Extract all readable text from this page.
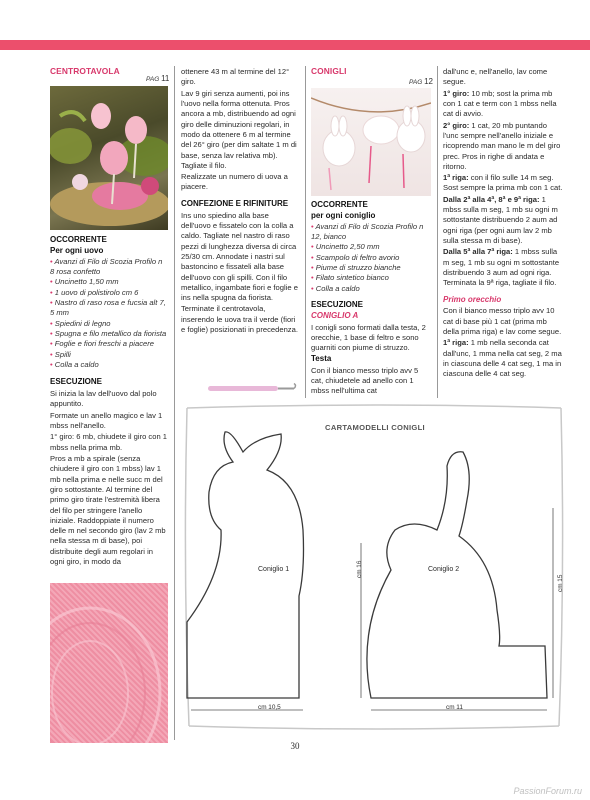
CENTROTAVOLA
PAG 11
OCCORRENTE
Per ogni uovo
• Avanzi di Filo di Scozia Profilo n 8 rosa confetto
• Uncinetto 1,50 mm
• 1 uovo di polistirolo cm 6
• Nastro di raso rosa e fucsia alt 7, 5 mm
• Spiedini di legno
• Spugna e filo metallico da fiorista
• Foglie e fiori freschi a piacere
• Spilli
• Colla a caldo
ESECUZIONE
Si inizia la lav dell'uovo dal polo appuntito.
Formate un anello magico e lav 1 mbss nell'anello.
1° giro: 6 mb, chiudete il giro con 1 mbss nella prima mb.
Pros a mb a spirale (senza chiudere il giro con 1 mbss) lav 1 mb nella prima e nelle succ m del giro sottostante. Al termine del primo giro tirate l'estremità libera del filo per stringere l'anello iniziale. Raddoppiate il numero delle m nel secondo giro (lav 2 mb nella stessa m di base), poi distribuite degli aum regolari in ogni giro, in modo da
ottenere 43 m al termine del 12° giro.
Lav 9 giri senza aumenti, poi ins l'uovo nella forma ottenuta. Pros ancora a mb, distribuendo ad ogni giro delle diminuzioni regolari, in modo da ottenere 6 m al termine del 26° giro (per dim saltate 1 m di base, senza lav relativa mb). Tagliate il filo.
Realizzate un numero di uova a piacere.
CONFEZIONE E RIFINITURE
Ins uno spiedino alla base dell'uovo e fissatelo con la colla a caldo. Tagliate nel nastro di raso pezzi di lunghezza diversa di circa 25/30 cm. Annodate i nastri sul bastoncino e fissateli alla base dell'uovo con gli spilli. Con il filo metallico, ingambate fiori e foglie e ins nella spugna da fiorista.
Terminate il centrotavola, inserendo le uova tra il verde (fiori e foglie) posizionati in precedenza.
CONIGLI
PAG 12
OCCORRENTE
per ogni coniglio
• Avanzi di Filo di Scozia Profilo n 12, bianco
• Uncinetto 2,50 mm
• Scampolo di feltro avorio
• Piume di struzzo bianche
• Filato sintetico bianco
• Colla a caldo
ESECUZIONE
CONIGLIO A
I conigli sono formati dalla testa, 2 orecchie, 1 base di feltro e sono guarniti con piume di struzzo.
Testa
Con il bianco messo triplo avv 5 cat, chiudetele ad anello con 1 mbss nell'ultima cat
dall'unc e, nell'anello, lav come segue.
1° giro: 10 mb; sost la prima mb con 1 cat e term con 1 mbss nella cat di avvio.
2° giro: 1 cat, 20 mb puntando l'unc sempre nell'anello iniziale e ricoprendo man mano le m del giro prec. Pros in righe di andata e ritorno.
1ª riga: con il filo sulle 14 m seg. Sost sempre la prima mb con 1 cat.
Dalla 2ª alla 4ª, 8ª e 9ª riga: 1 mbss sulla m seg, 1 mb su ogni m sottostante distribuendo 2 aum ad ogni riga (per ogni aum lav 2 mb sulla stessa m di base).
Dalla 5ª alla 7ª riga: 1 mbss sulla m seg, 1 mb su ogni m sottostante distribuendo 3 aum ad ogni riga. Terminata la 9ª riga, tagliate il filo.
Primo orecchio
Con il bianco messo triplo avv 10 cat di base più 1 cat (prima mb della prima riga) e lav come segue.
1ª riga: 1 mb nella seconda cat dall'unc, 1 mma nella cat seg, 2 ma in ciascuna delle 4 cat seg, 1 ma in ciascuna delle 4 cat seg.
CARTAMODELLI CONIGLI
Coniglio 1	Coniglio 2
cm 16
cm 15
cm 10,5	cm 11
30
PassionForum.ru
